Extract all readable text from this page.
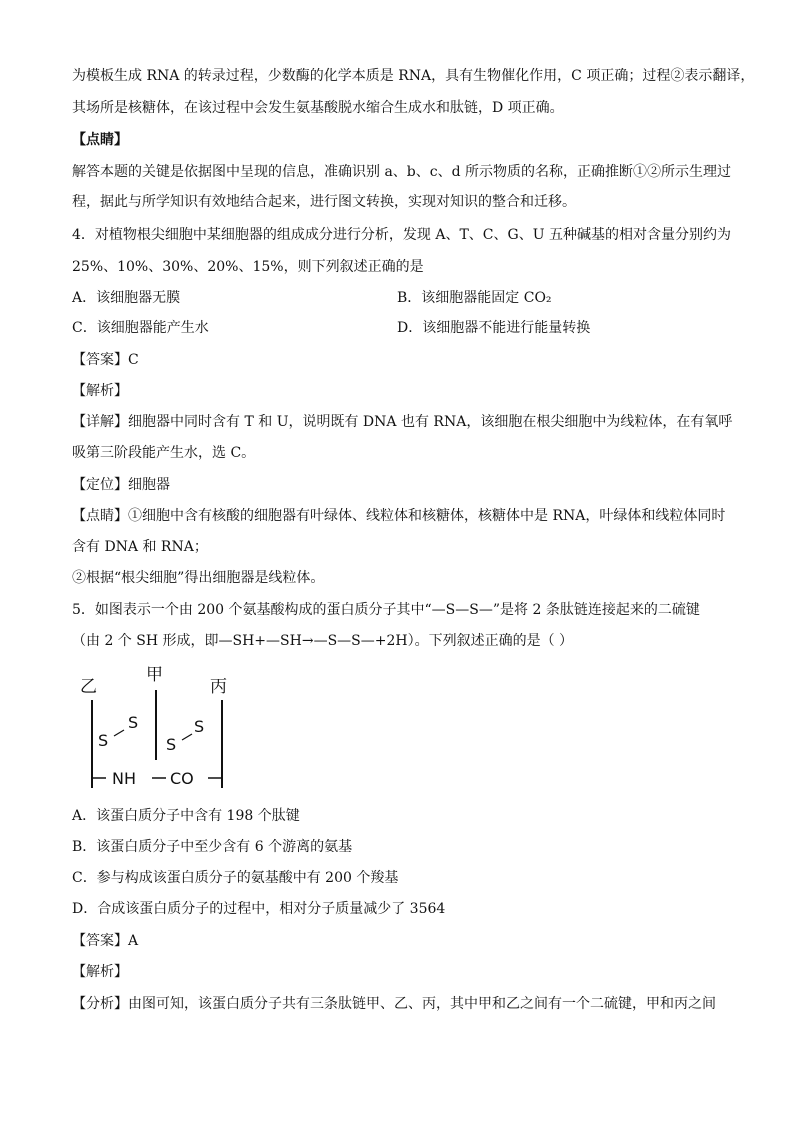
为模板生成 RNA 的转录过程，少数酶的化学本质是 RNA，具有生物催化作用，C 项正确；过程②表示翻译，
其场所是核糖体，在该过程中会发生氨基酸脱水缩合生成水和肽链，D 项正确。
【点睛】
解答本题的关键是依据图中呈现的信息，准确识别 a、b、c、d 所示物质的名称，正确推断①②所示生理过
程，据此与所学知识有效地结合起来，进行图文转换，实现对知识的整合和迁移。
4．对植物根尖细胞中某细胞器的组成成分进行分析，发现 A、T、C、G、U 五种碱基的相对含量分别约为
25%、10%、30%、20%、15%，则下列叙述正确的是
A．该细胞器无膜	B．该细胞器能固定 CO₂
C．该细胞器能产生水	D．该细胞器不能进行能量转换
【答案】C
【解析】
【详解】细胞器中同时含有 T 和 U，说明既有 DNA 也有 RNA，该细胞在根尖细胞中为线粒体，在有氧呼
吸第三阶段能产生水，选 C。
【定位】细胞器
【点睛】①细胞中含有核酸的细胞器有叶绿体、线粒体和核糖体，核糖体中是 RNA，叶绿体和线粒体同时
含有 DNA 和 RNA；
②根据“根尖细胞”得出细胞器是线粒体。
5．如图表示一个由 200 个氨基酸构成的蛋白质分子其中“—S—S—”是将 2 条肽链连接起来的二硫键
（由 2 个 SH 形成，即—SH+—SH→—S—S—+2H）。下列叙述正确的是（ ）
乙
甲
丙
S
S
S
S
NH CO
A．该蛋白质分子中含有 198 个肽键
B．该蛋白质分子中至少含有 6 个游离的氨基
C．参与构成该蛋白质分子的氨基酸中有 200 个羧基
D．合成该蛋白质分子的过程中，相对分子质量减少了 3564
【答案】A
【解析】
【分析】由图可知，该蛋白质分子共有三条肽链甲、乙、丙，其中甲和乙之间有一个二硫键，甲和丙之间
